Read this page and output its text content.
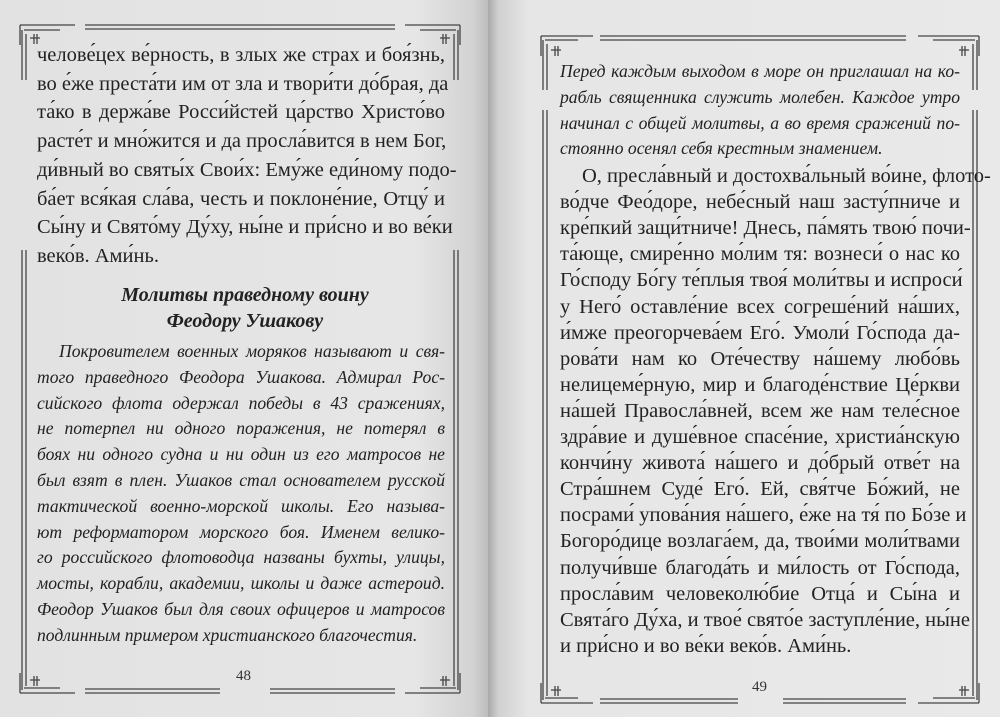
челове́цех ве́рность, в злых же страх и боя́знь,
во е́же преста́ти им от зла и твори́ти до́брая, да
та́ко в держа́ве Росси́йстей ца́рство Христо́во
расте́т и мно́жится и да просла́вится в нем Бог,
ди́вный во святы́х Свои́х: Ему́же еди́ному подо-
ба́ет вся́кая сла́ва, честь и поклоне́ние, Отцу́ и
Сы́ну и Свято́му Ду́ху, ны́не и при́сно и во ве́ки
веко́в. Ами́нь.
Молитвы праведному воину
Феодору Ушакову
Покровителем военных моряков называют и свя-
того праведного Феодора Ушакова. Адмирал Рос-
сийского флота одержал победы в 43 сражениях,
не потерпел ни одного поражения, не потерял в
боях ни одного судна и ни один из его матросов не
был взят в плен. Ушаков стал основателем русской
тактической военно-морской школы. Его называ-
ют реформатором морского боя. Именем велико-
го российского флотоводца названы бухты, улицы,
мосты, корабли, академии, школы и даже астероид.
Феодор Ушаков был для своих офицеров и матросов
подлинным примером христианского благочестия.
48
Перед каждым выходом в море он приглашал на ко-
рабль священника служить молебен. Каждое утро
начинал с общей молитвы, а во время сражений по-
стоянно осенял себя крестным знамением.
О, пресла́вный и достохва́льный во́ине, флото-
во́дче Фео́доре, небе́сный наш засту́пниче и
кре́пкий защи́тниче! Днесь, па́мять твою́ почи-
та́юще, смире́нно мо́лим тя: вознеси́ о нас ко
Го́споду Бо́гу те́плыя твоя́ моли́твы и испроси́
у Него́ оставле́ние всех согреше́ний на́ших,
и́мже преогорчева́ем Его́. Умоли́ Го́спода да-
рова́ти нам ко Оте́честву на́шему любо́вь
нелицеме́рную, мир и благоде́нствие Це́ркви
на́шей Правосла́вней, всем же нам теле́сное
здра́вие и душе́вное спасе́ние, христиа́нскую
кончи́ну живота́ на́шего и до́брый отве́т на
Стра́шнем Суде́ Его́. Ей, свя́тче Бо́жий, не
посрами́ упова́ния на́шего, е́же на тя́ по Бо́зе и
Богоро́дице возлага́ем, да, твои́ми моли́твами
получи́вше благода́ть и ми́лость от Го́спода,
просла́вим человеколю́бие Отца́ и Сы́на и
Свята́го Ду́ха, и твое́ свято́е заступле́ние, ны́не
и при́сно и во ве́ки веко́в. Ами́нь.
49
